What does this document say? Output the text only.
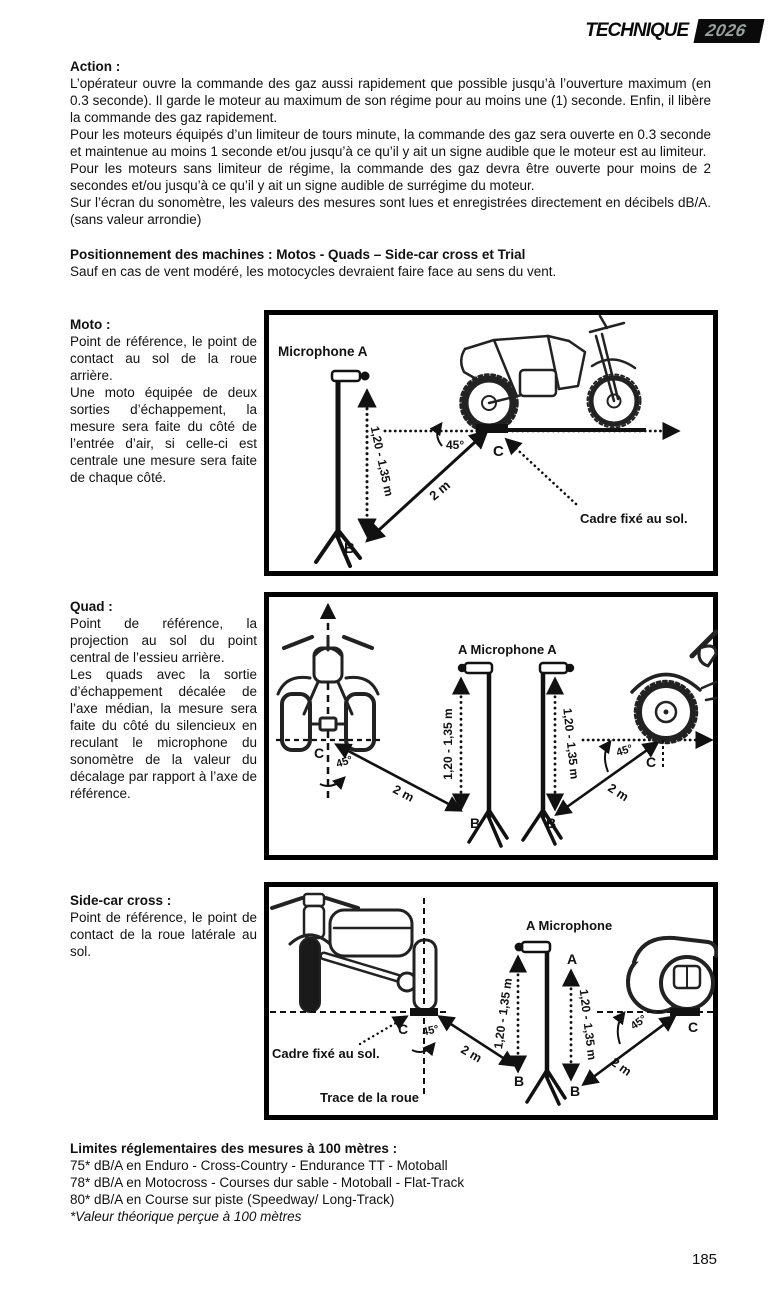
TECHNIQUE 2026
Action :

L’opérateur ouvre la commande des gaz aussi rapidement que possible jusqu’à l’ouverture maximum (en 0.3 seconde). Il garde le moteur au maximum de son régime pour au moins une (1) seconde. Enfin, il libère la commande des gaz rapidement.

Pour les moteurs équipés d’un limiteur de tours minute, la commande des gaz sera ouverte en 0.3 seconde et maintenue au moins 1 seconde et/ou jusqu’à ce qu’il y ait un signe audible que le moteur est au limiteur.

Pour les moteurs sans limiteur de régime, la commande des gaz devra être ouverte pour moins de 2 secondes et/ou jusqu’à ce qu’il y ait un signe audible de surrégime du moteur.

Sur l’écran du sonomètre, les valeurs des mesures sont lues et enregistrées directement en décibels dB/A. (sans valeur arrondie)

Positionnement des machines : Motos - Quads – Side-car cross et Trial

Sauf en cas de vent modéré, les motocycles devraient faire face au sens du vent.

Moto :

Point de référence, le point de contact au sol de la roue arrière.

Une moto équipée de deux sorties d’échappement, la mesure sera faite du côté de l’entrée d’air, si celle-ci est centrale une mesure sera faite de chaque côté.

Microphone A
B
1,20 - 1,35 m	C
45°
2 m
Cadre fixé au sol.
Quad :

Point de référence, la projection au sol du point central de l’essieu arrière.

Les quads avec la sortie d’échappement décalée de l’axe médian, la mesure sera faite du côté du silencieux en reculant le microphone du sonomètre de la valeur du décalage par rapport à l’axe de référence.

C
45°
2 m
A Microphone A
1,20 - 1,35 m
B
1,20 - 1,35 m
B
45°
C
2 m
Side-car cross :

Point de référence, le point de contact de la roue latérale au sol.

C 45°
2 m
Cadre fixé au sol.
Trace de la roue
A Microphone
1,20 - 1,35 m
B
A
1,20 - 1,35 m
B
C
45°
2 m
Limites réglementaires des mesures à 100 mètres :

75* dB/A en Enduro - Cross-Country - Endurance TT - Motoball

78* dB/A en Motocross - Courses dur sable - Motoball - Flat-Track

80* dB/A en Course sur piste (Speedway/ Long-Track)

*Valeur théorique perçue à 100 mètres

185
